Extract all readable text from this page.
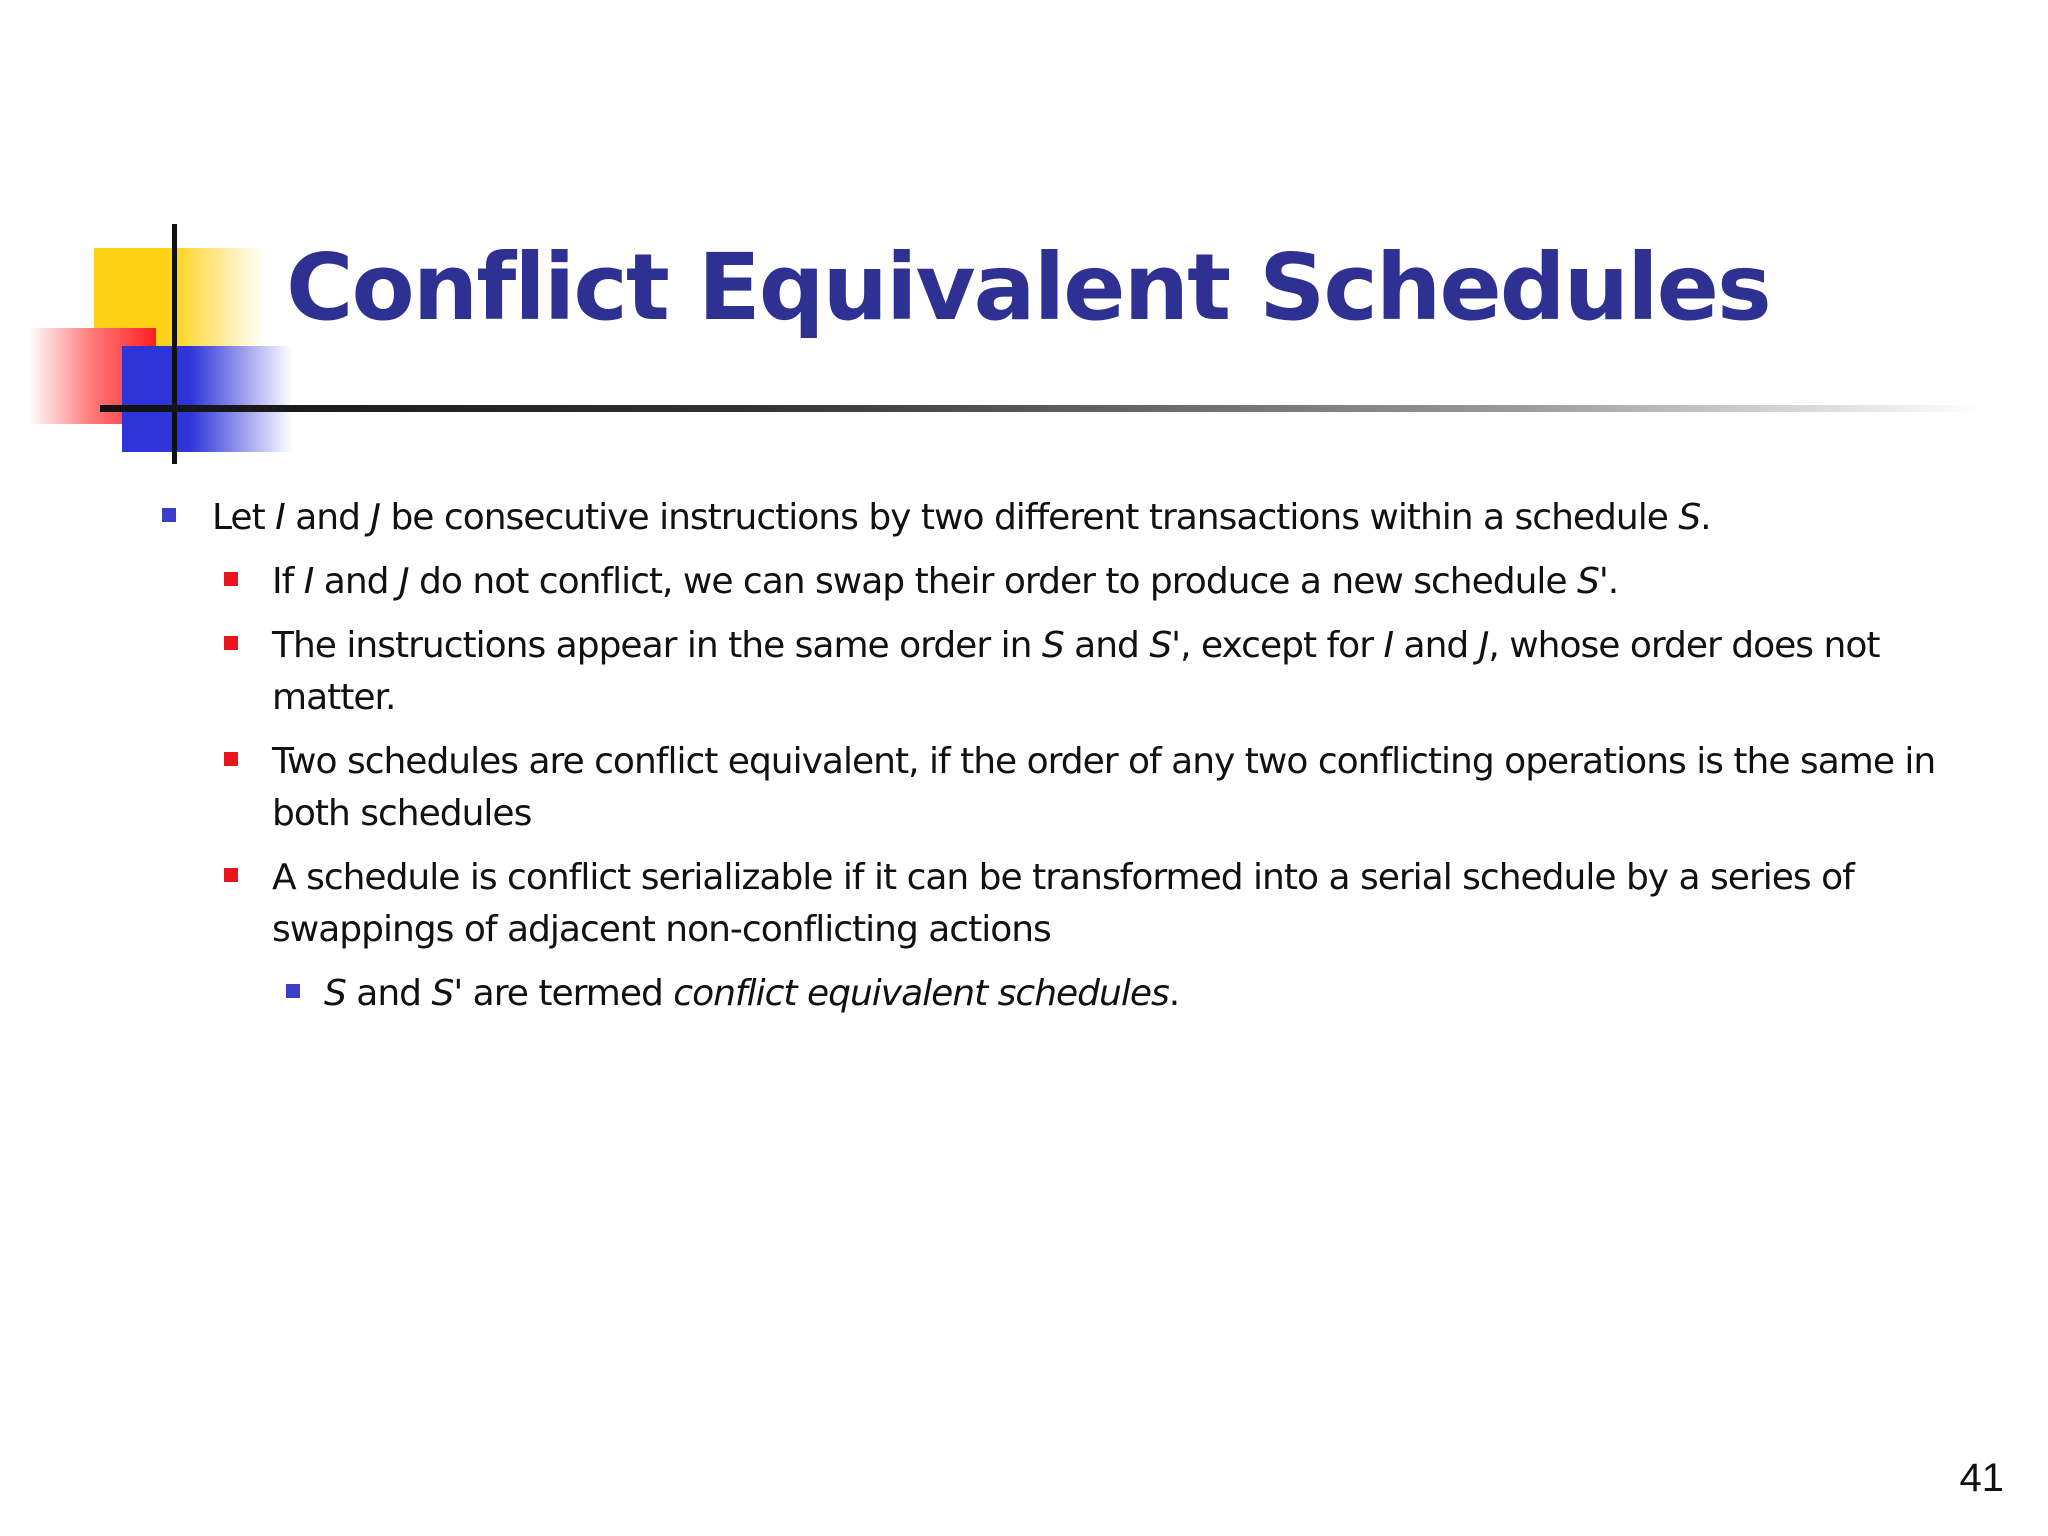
Conflict Equivalent Schedules
Let I and J be consecutive instructions by two different transactions within a schedule S.
If I and J do not conflict, we can swap their order to produce a new schedule S'.
The instructions appear in the same order in S and S', except for I and J, whose order does not matter.
Two schedules are conflict equivalent, if the order of any two conflicting operations is the same in both schedules
A schedule is conflict serializable if it can be transformed into a serial schedule by a series of swappings of adjacent non-conflicting actions
S and S' are termed conflict equivalent schedules.
41
